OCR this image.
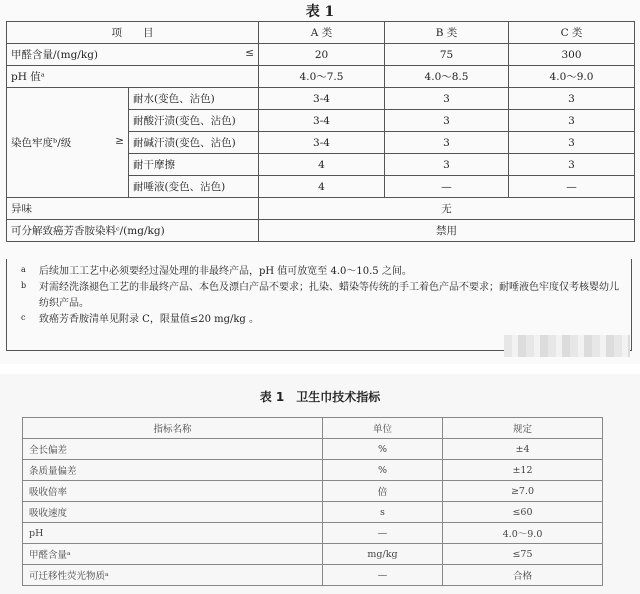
表 1
项　　目		A 类	B 类	C 类
甲醛含量/(mg/kg) ≤		20	75	300
pH 值ᵃ		4.0～7.5	4.0～8.5	4.0～9.0
染色牢度ᵇ/级 ≥	耐水(变色、沾色)	3-4	3	3
	耐酸汗渍(变色、沾色)	3-4	3	3
	耐碱汗渍(变色、沾色)	3-4	3	3
	耐干摩擦	4	3	3
	耐唾液(变色、沾色)	4	—	—
异味		无		
可分解致癌芳香胺染料ᶜ/(mg/kg)		禁用		
a 后续加工工艺中必须要经过湿处理的非最终产品，pH 值可放宽至 4.0～10.5 之间。
b 对需经洗涤褪色工艺的非最终产品、本色及漂白产品不要求；扎染、蜡染等传统的手工着色产品不要求；耐唾液色牢度仅考核婴幼儿纺织产品。
c 致癌芳香胺清单见附录 C，限量值≤20 mg/kg 。
表 1　卫生巾技术指标
指标名称	单位	规定
全长偏差	%	±4
条质量偏差	%	±12
吸收倍率	倍	≥7.0
吸收速度	s	≤60
pH	—	4.0～9.0
甲醛含量ᵃ	mg/kg	≤75
可迁移性荧光物质ᵃ	—	合格
